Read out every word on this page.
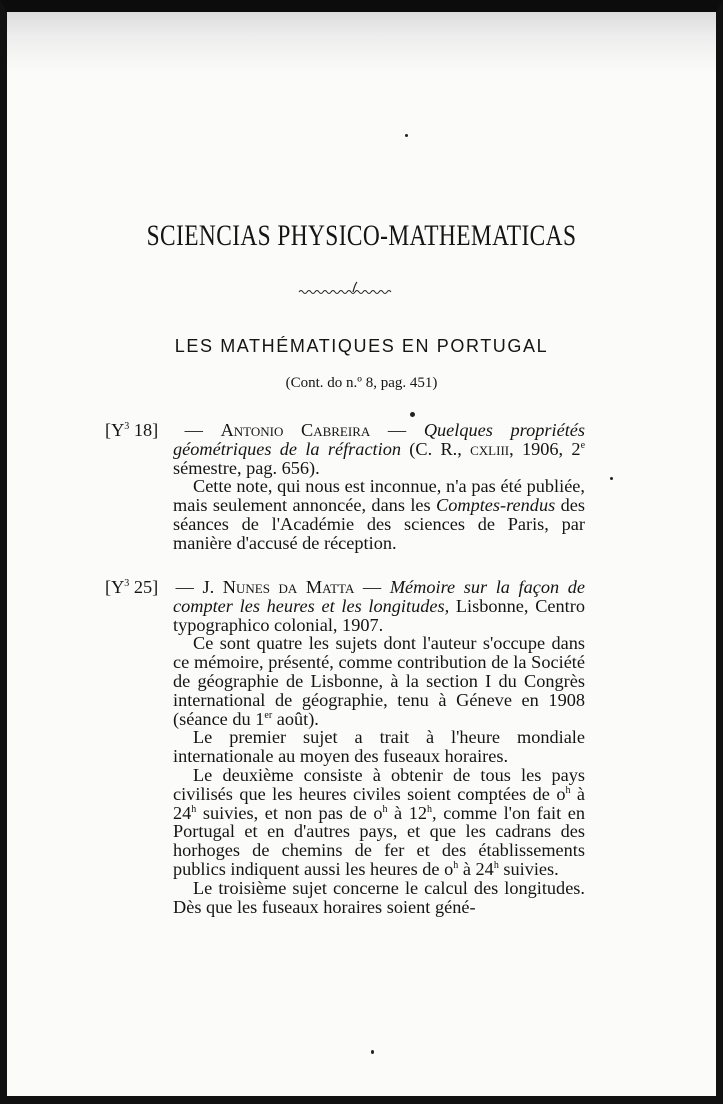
SCIENCIAS PHYSICO-MATHEMATICAS
LES MATHÉMATIQUES EN PORTUGAL
(Cont. do n.º 8, pag. 451)

[$Y^3$ 18] — Antonio Cabreira — Quelques propriétés géométriques de la réfraction (C. R., cxliii, 1906, 2e sémestre, pag. 656).

Cette note, qui nous est inconnue, n'a pas été publiée, mais seulement annoncée, dans les Comptes-rendus des séances de l'Académie des sciences de Paris, par manière d'accusé de réception.

[$Y^3$ 25] — J. Nunes da Matta — Mémoire sur la façon de compter les heures et les longitudes, Lisbonne, Centro typographico colonial, 1907.

Ce sont quatre les sujets dont l'auteur s'occupe dans ce mémoire, présenté, comme contribution de la Société de géographie de Lisbonne, à la section I du Congrès international de géographie, tenu à Géneve en 1908 (séance du 1er août).

Le premier sujet a trait à l'heure mondiale internationale au moyen des fuseaux horaires.

Le deuxième consiste à obtenir de tous les pays civilisés que les heures civiles soient comptées de $o^h$ à 24$^h$ suivies, et non pas de $o^h$ à 12$^h$, comme l'on fait en Portugal et en d'autres pays, et que les cadrans des horhoges de chemins de fer et des établissements publics indiquent aussi les heures de $o^h$ à 24$^h$ suivies.

Le troisième sujet concerne le calcul des longitudes. Dès que les fuseaux horaires soient géné-
